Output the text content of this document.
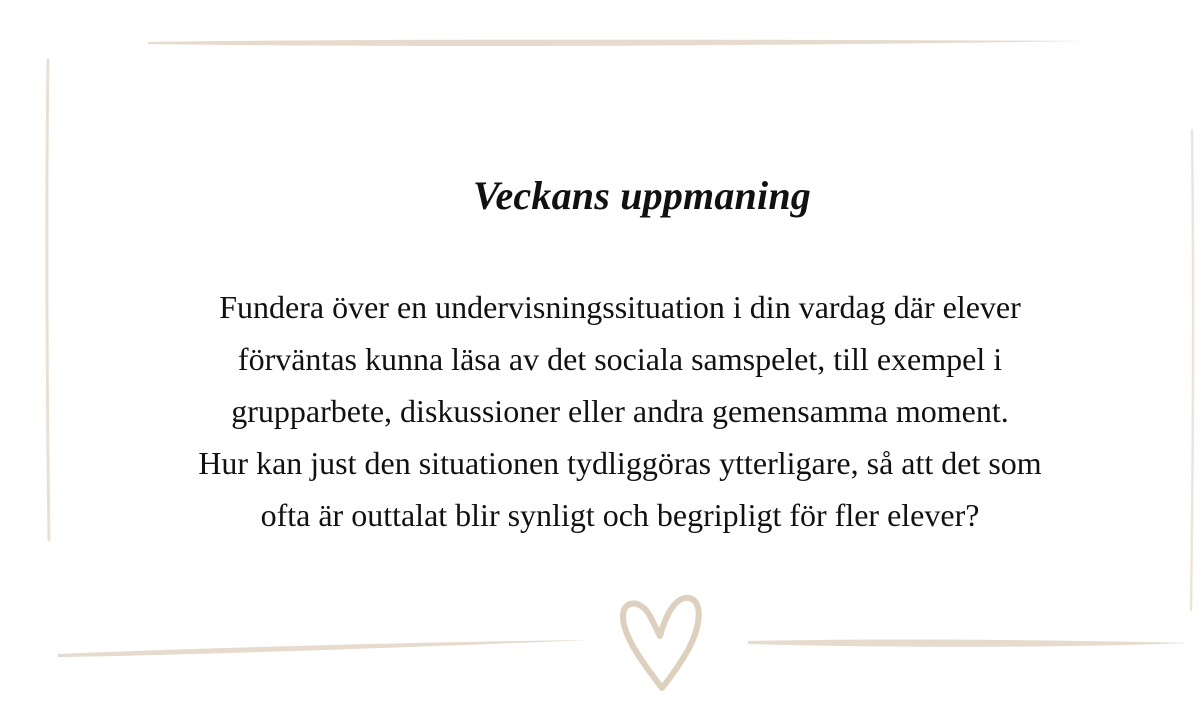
Veckans uppmaning

Fundera över en undervisningssituation i din vardag där elever
förväntas kunna läsa av det sociala samspelet, till exempel i
grupparbete, diskussioner eller andra gemensamma moment.
Hur kan just den situationen tydliggöras ytterligare, så att det som
ofta är outtalat blir synligt och begripligt för fler elever?
